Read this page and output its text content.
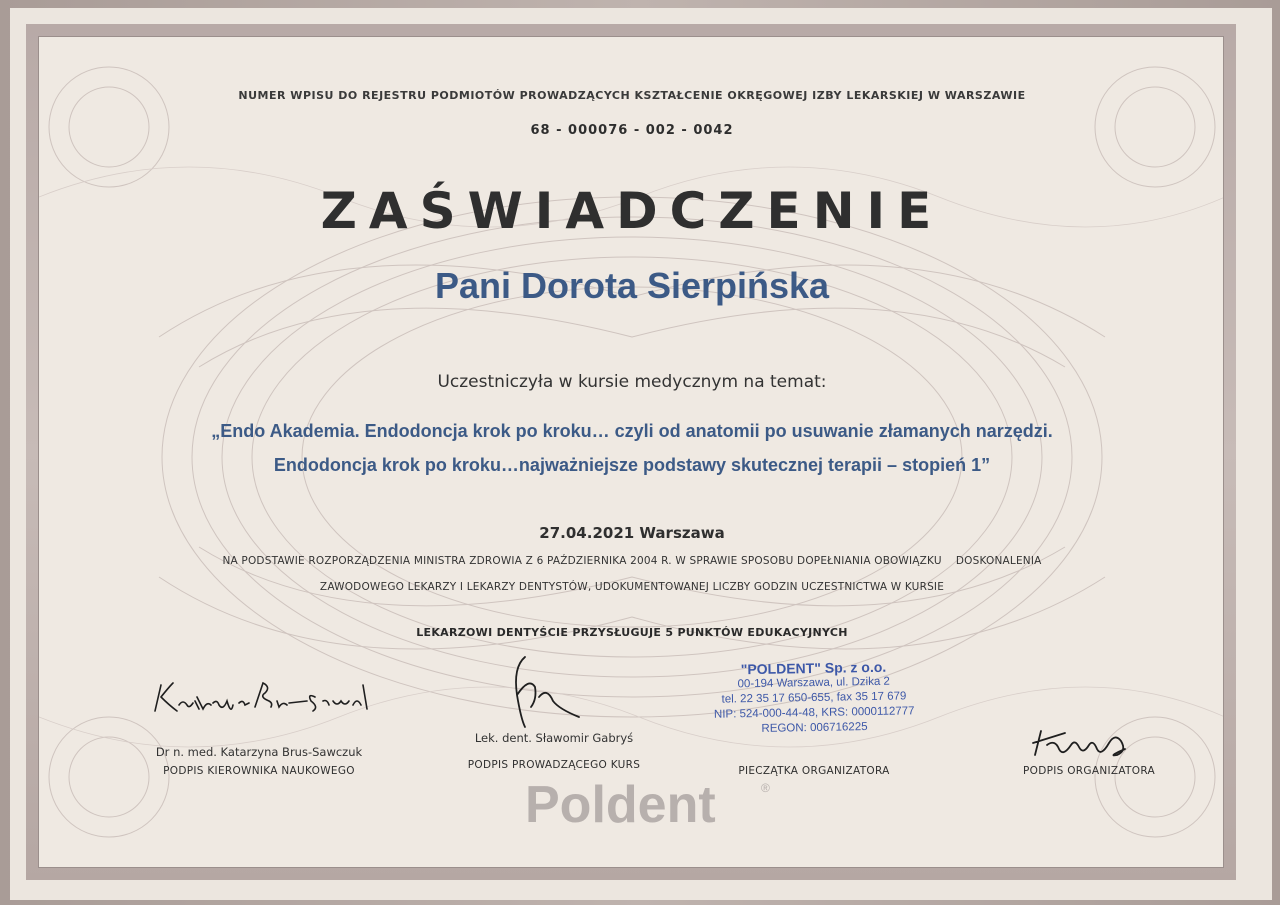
NUMER WPISU DO REJESTRU PODMIOTÓW PROWADZĄCYCH KSZTAŁCENIE OKRĘGOWEJ IZBY LEKARSKIEJ W WARSZAWIE
68 - 000076 - 002 - 0042
ZAŚWIADCZENIE
Pani Dorota Sierpińska
Uczestniczyła w kursie medycznym na temat:
„Endo Akademia. Endodoncja krok po kroku… czyli od anatomii po usuwanie złamanych narzędzi.
Endodoncja krok po kroku…najważniejsze podstawy skutecznej terapii – stopień 1”
27.04.2021 Warszawa
NA PODSTAWIE ROZPORZĄDZENIA MINISTRA ZDROWIA Z 6 PAŹDZIERNIKA 2004 R. W SPRAWIE SPOSOBU DOPEŁNIANIA OBOWIĄZKU    DOSKONALENIA
ZAWODOWEGO LEKARZY I LEKARZY DENTYSTÓW, UDOKUMENTOWANEJ LICZBY GODZIN UCZESTNICTWA W KURSIE
LEKARZOWI DENTYŚCIE PRZYSŁUGUJE 5 PUNKTÓW EDUKACYJNYCH
Dr n. med. Katarzyna Brus-Sawczuk
PODPIS KIEROWNIKA NAUKOWEGO
Lek. dent. Sławomir Gabryś
PODPIS PROWADZĄCEGO KURS
"POLDENT" Sp. z o.o.
00-194 Warszawa, ul. Dzika 2
tel. 22 35 17 650-655, fax 35 17 679
NIP: 524-000-44-48, KRS: 0000112777
REGON: 006716225
PIECZĄTKA ORGANIZATORA	PODPIS ORGANIZATORA
Poldent	®
